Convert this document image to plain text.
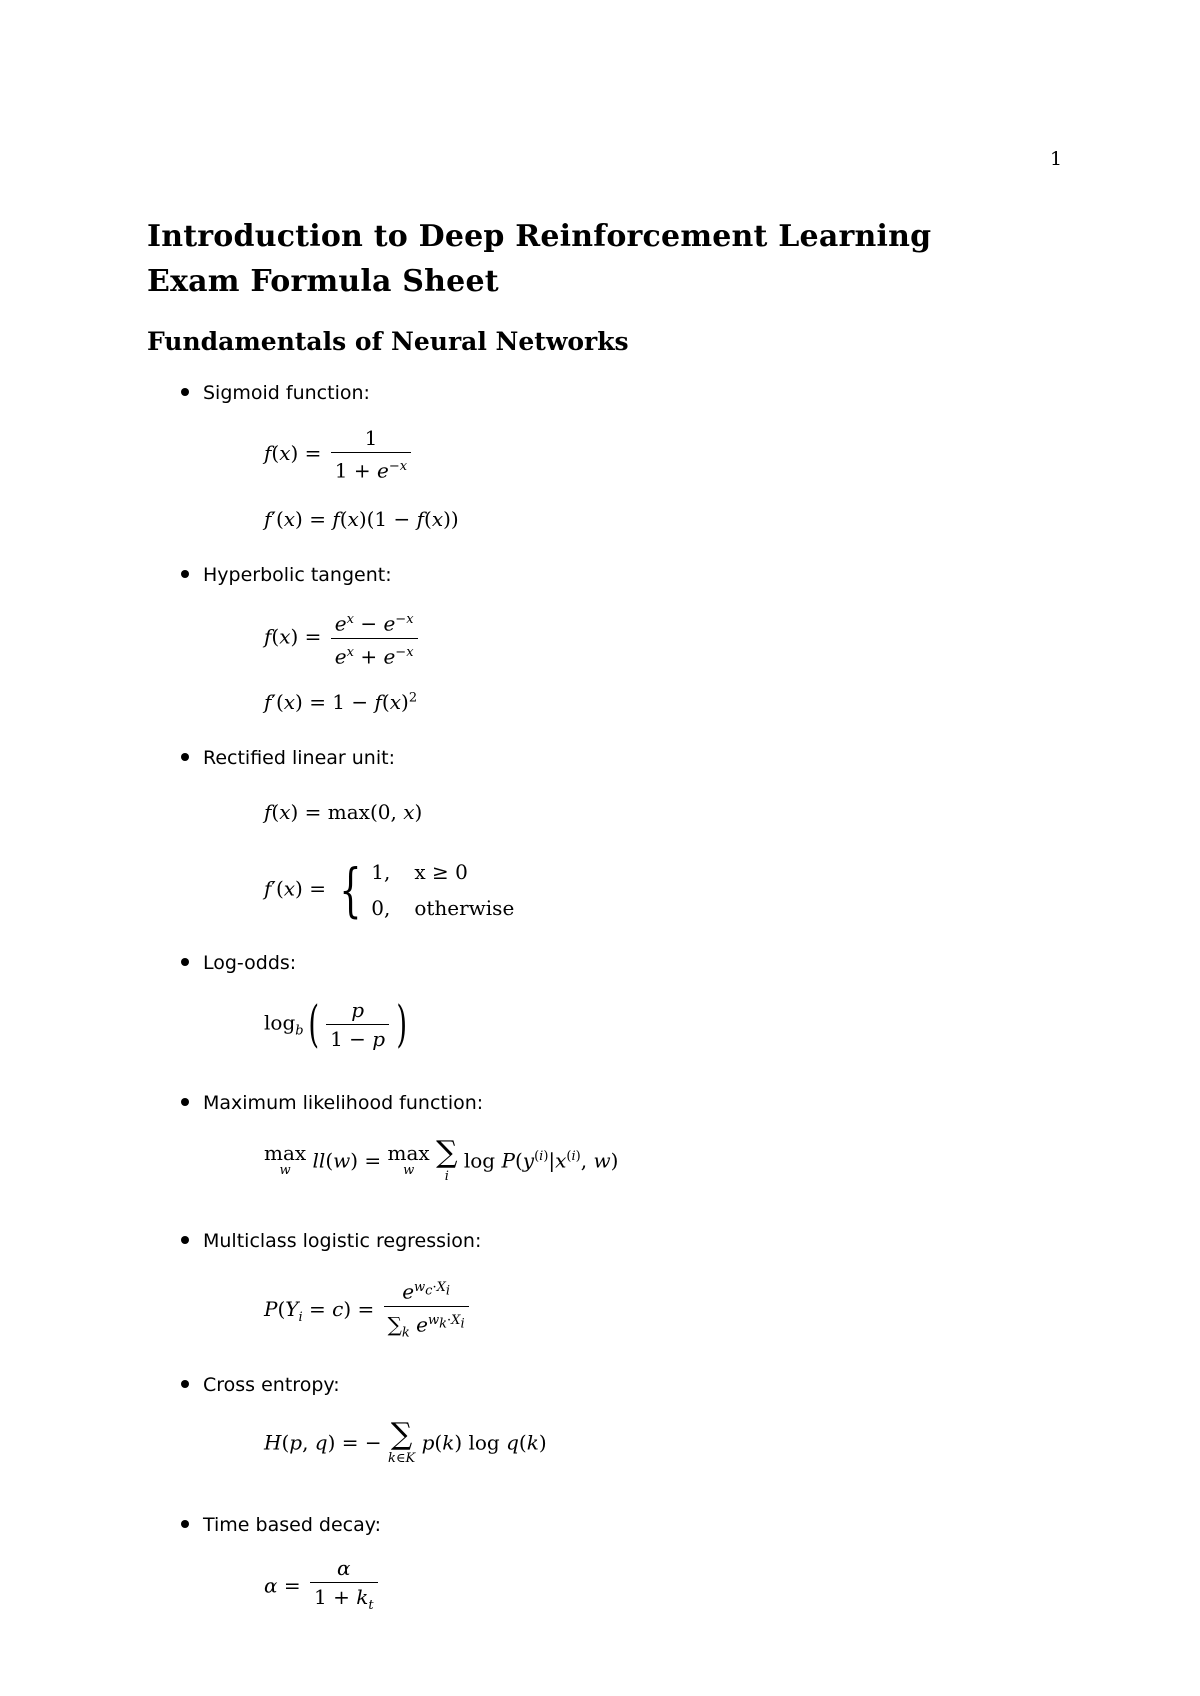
1
Introduction to Deep Reinforcement Learning
Exam Formula Sheet
Fundamentals of Neural Networks
Sigmoid function:
$f(x) = \frac{1}{1 + e^{-x}}$
f′(x) = f(x)(1 − f(x))
Hyperbolic tangent:
$f(x) = \frac{e^x - e^{-x}}{e^x + e^{-x}}$
$f'(x) = 1 - f(x)^2$
Rectified linear unit:
f(x) = max(0, x)
f′(x) = { 1,	x ≥ 0
0,	otherwise
Log-odds:
$\log_b( \frac{p}{1 - p}$ )
Maximum likelihood function:
max
w	ll(w) = max
w

∑
i
$\log P(y^{(i)}|x^{(i)}$, w)
Multiclass logistic regression:
$P(Y_i = c) = \frac{e^{w_c\cdot X_i}}{\sum_k e^{w_k\cdot X_i}}$
Cross entropy:
H(p, q) = − ∑
k∈K
p(k) log q(k)
Time based decay:
$\alpha = \frac{\alpha}{1 + k_t}$
